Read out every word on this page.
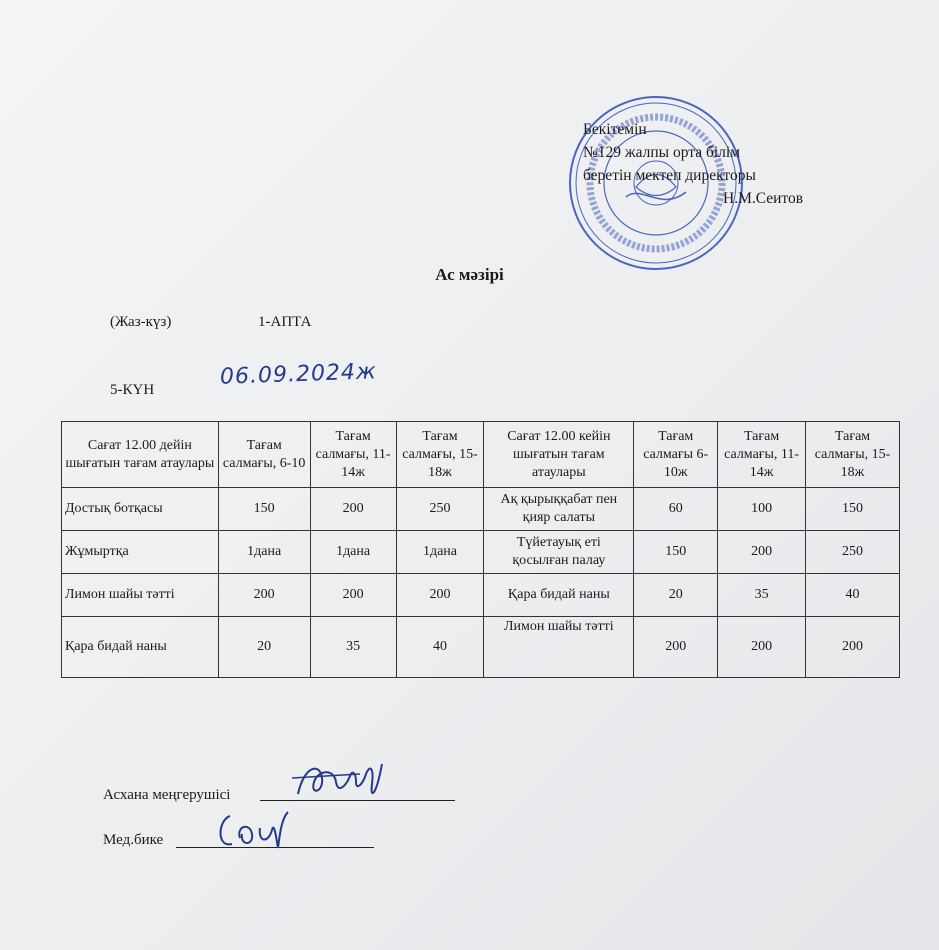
Бекітемін
№129 жалпы орта білім
беретін мектеп директоры
Н.М.Сеитов
Ас мәзірі
(Жаз-күз)	1-АПТА
5-КҮН
06.09.2024ж
Сағат 12.00 дейін шығатын тағам атаулары	Тағам салмағы, 6-10	Тағам салмағы, 11-14ж	Тағам салмағы, 15-18ж	Сағат 12.00 кейін шығатын тағам атаулары	Тағам салмағы 6-10ж	Тағам салмағы, 11-14ж	Тағам салмағы, 15-18ж
Достық ботқасы	150	200	250	Ақ қырыққабат пен қияр салаты	60	100	150
Жұмыртқа	1дана	1дана	1дана	Түйетауық еті қосылған палау	150	200	250
Лимон шайы тәтті	200	200	200	Қара бидай наны	20	35	40
Қара бидай наны	20	35	40	Лимон шайы тәтті	200	200	200
Асхана меңгерушісі
Мед.бике
